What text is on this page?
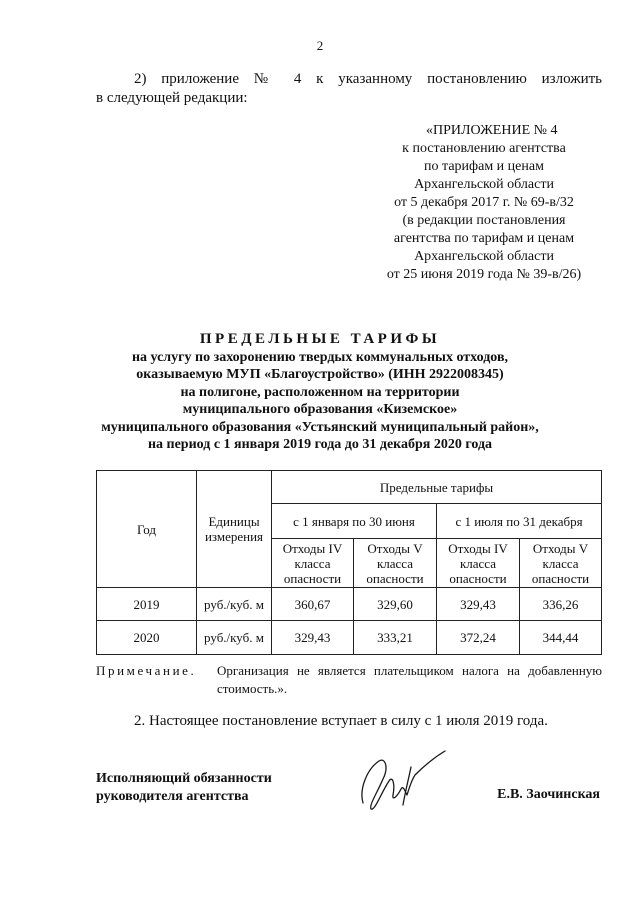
2
2) приложение № 4 к указанному постановлению изложить
в следующей редакции:
«ПРИЛОЖЕНИЕ № 4
к постановлению агентства
по тарифам и ценам
Архангельской области
от 5 декабря 2017 г. № 69-в/32
(в редакции постановления
агентства по тарифам и ценам
Архангельской области
от 25 июня 2019 года № 39-в/26)
ПРЕДЕЛЬНЫЕ ТАРИФЫ
на услугу по захоронению твердых коммунальных отходов,
оказываемую МУП «Благоустройство» (ИНН 2922008345)
на полигоне, расположенном на территории
муниципального образования «Киземское»
муниципального образования «Устьянский муниципальный район»,
на период с 1 января 2019 года до 31 декабря 2020 года
Год	Единицы измерения	Предельные тарифы			
		с 1 января по 30 июня		с 1 июля по 31 декабря	
		Отходы IV класса опасности	Отходы V класса опасности	Отходы IV класса опасности	Отходы V класса опасности
2019	руб./куб. м	360,67	329,60	329,43	336,26
2020	руб./куб. м	329,43	333,21	372,24	344,44
Примечание. Организация не является плательщиком налога на добавленную стоимость.».
2. Настоящее постановление вступает в силу с 1 июля 2019 года.
Исполняющий обязанности
руководителя агентства	Е.В. Заочинская
